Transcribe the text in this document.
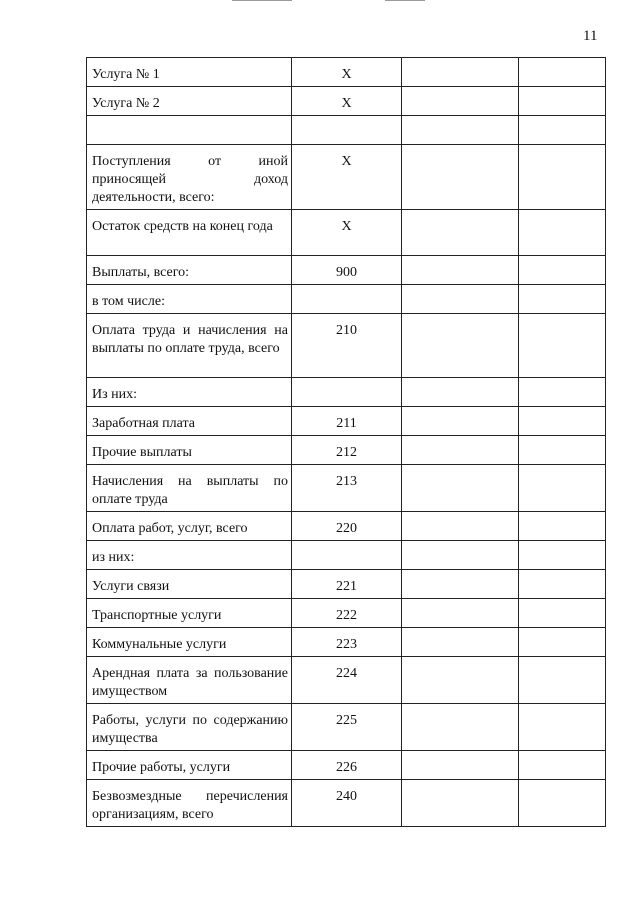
11
Услуга № 1	Х		
Услуга № 2	Х		

Поступления от иной приносящей доход деятельности, всего:	Х		
Остаток средств на конец года	Х		
Выплаты, всего:	900		
в том числе:			
Оплата труда и начисления на выплаты по оплате труда, всего	210		
Из них:			
Заработная плата	211		
Прочие выплаты	212		
Начисления на выплаты по оплате труда	213		
Оплата работ, услуг, всего	220		
из них:			
Услуги связи	221		
Транспортные услуги	222		
Коммунальные услуги	223		
Арендная плата за пользование имуществом	224		
Работы, услуги по содержанию имущества	225		
Прочие работы, услуги	226		
Безвозмездные перечисления организациям, всего	240		
